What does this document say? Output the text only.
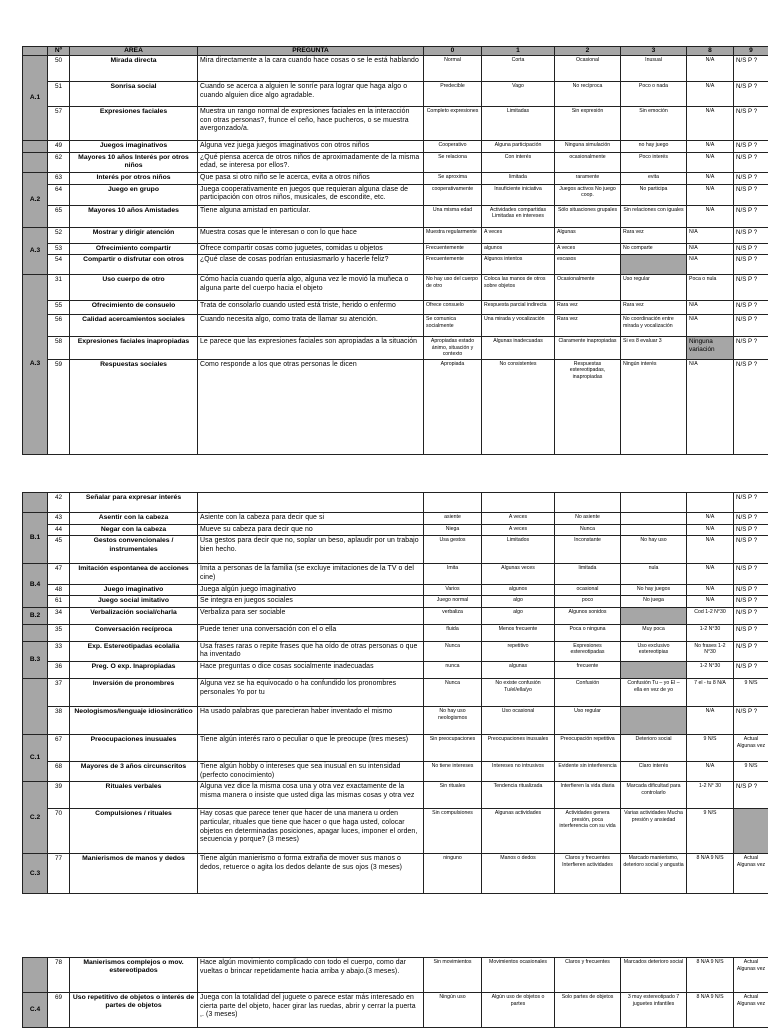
	Nº	AREA	PREGUNTA	0	1	2	3	8	9
A.1	50	Mirada directa	Mira directamente a la cara cuando hace cosas o se le está hablando	Normal	Corta	Ocasional	Inusual	N/A	N/S P ?
	51	Sonrisa social	Cuando se acerca a alguien le sonríe para lograr que haga algo o cuando alguien dice algo agradable.	Predecible	Vago	No recíproca	Poco o nada	N/A	N/S P ?
	57	Expresiones faciales	Muestra un rango normal de expresiones faciales en la interacción con otras personas?, frunce el ceño, hace pucheros, o se muestra avergonzado/a.	Completo expresiones	Limitadas	Sin expresión	Sin emoción	N/A	N/S P ?
	49	Juegos imaginativos	Alguna vez juega juegos imaginativos con otros niños	Cooperativo	Alguna participación	Ninguna simulación	no hay juego	N/A	N/S P ?
	62	Mayores 10 años Interés por otros niños	¿Qué piensa acerca de otros niños de aproximadamente de la misma edad, se interesa por ellos?.	Se relaciona	Con interés	ocasionalmente	Poco interés	N/A	N/S P ?
A.2	63	Interés por otros niños	Que pasa si otro niño se le acerca, evita a otros niños	Se aproxima	limitada	raramente	evita	N/A	N/S P ?
	64	Juego en grupo	Juega cooperativamente en juegos que requieran alguna clase de participación con otros niños, musicales, de escondite, etc.	cooperativamente	Insuficiente iniciativa	Juegos activos No juego coop.	No participa	N/A	N/S P ?
	65	Mayores 10 años Amistades	Tiene alguna amistad en particular.	Una misma edad	Actividades compartidas Limitadas en intereses	Sólo situaciones grupales	Sin relaciones con iguales	N/A	N/S P ?
A.3	52	Mostrar y dirigir atención	Muestra cosas que le interesan o con lo que hace	Muestra regularmente	A veces	Algunas	Rara vez	N/A	N/S P ?
	53	Ofrecimiento compartir	Ofrece compartir cosas como juguetes, comidas u objetos	Frecuentemente	algunos	A veces	No comparte	N/A	N/S P ?
	54	Compartir o disfrutar con otros	¿Qué clase de cosas podrían entusiasmarlo y hacerle feliz?	Frecuentemente	Algunos intentos	escasos		N/A	N/S P ?
A.3	31	Uso cuerpo de otro	Cómo hacía cuando quería algo, alguna vez le movió la muñeca o alguna parte del cuerpo hacia el objeto	No hay uso del cuerpo de otro	Coloca las manos de otros sobre objetos	Ocasionalmente	Uso regular	Poca o nula	N/S P ?
	55	Ofrecimiento de consuelo	Trata de consolarlo cuando usted está triste, herido o enfermo	Ofrece consuelo	Respuesta parcial indirecta	Rara vez	Rara vez	N/A	N/S P ?
	56	Calidad acercamientos sociales	Cuando necesita algo, como trata de llamar su atención.	Se comunica socialmente	Una mirada y vocalización	Rara vez	No coordinación entre mirada y vocalización	N/A	N/S P ?
	58	Expresiones faciales inapropiadas	Le parece que las expresiones faciales son apropiadas a la situación	Apropiadas estado ánimo, situación y contexto	Algunas inadecuadas	Claramente inapropiadas	Si es 8 evaluar 3	Ninguna variación	N/S P ?
	59	Respuestas sociales	Como responde a los que otras personas le dicen	Apropiada	No consistentes	Respuestas estereotipadas, inapropiadas	Ningún interés	N/A	N/S P ?
	42	Señalar para expresar interés							N/S P ?
B.1	43	Asentir con la cabeza	Asiente con la cabeza para decir que si	asiente	A veces	No asiente		N/A	N/S P ?
	44	Negar con la cabeza	Mueve su cabeza para decir que no	Niega	A veces	Nunca		N/A	N/S P ?
	45	Gestos convencionales / instrumentales	Usa gestos para decir que no, soplar un beso, aplaudir por un trabajo bien hecho.	Usa gestos	Limitados	Inconstante	No hay uso	N/A	N/S P ?
B.4	47	Imitación espontanea de acciones	Imita a personas de la familia (se excluye imitaciones de la TV o del cine)	Imita	Algunas veces	limitada	nula	N/A	N/S P ?
	48	Juego imaginativo	Juega algún juego imaginativo	Varios	algunos	ocasional	No hay juegos	N/A	N/S P ?
	61	Juego social imitativo	Se integra en juegos sociales	Juego normal	algo	poco	No juega	N/A	N/S P ?
B.2	34	Verbalización social/charla	Verbaliza para ser sociable	verbaliza	algo	Algunos sonidos		Cod 1-2 N°30	N/S P ?
	35	Conversación recíproca	Puede tener una conversación con el o ella	fluida	Menos frecuente	Poca o ninguna	Muy poca	1-2 N°30	N/S P ?
B.3	33	Exp. Estereotipadas ecolalia	Usa frases raras o repite frases que ha oído de otras personas o que ha inventado	Nunca	repetitivo	Expresiones estereotipadas	Uso exclusivo estereotipias	No frases 1-2 N°30	N/S P ?
	36	Preg. O exp. Inapropiadas	Hace preguntas o dice cosas socialmente inadecuadas	nunca	algunas	frecuente		1-2 N°30	N/S P ?
	37	Inversión de pronombres	Alguna vez se ha equivocado o ha confundido los pronombres personales Yo por tu	Nunca	No existe confusión Tu/el/ella/yo	Confusión	Confusión Tu – yo El – ella en vez de yo	7 el - tu 8 N/A	9 N/S
	38	Neologismos/lenguaje idiosincrático	Ha usado palabras que parecieran haber inventado el mismo	No hay uso neologismos	Uso ocasional	Uso regular		N/A	N/S P ?
C.1	67	Preocupaciones inusuales	Tiene algún interés raro o peculiar o que le preocupe (tres meses)	Sin preocupaciones	Preocupaciones inusuales	Preocupación repetitiva	Deterioro social	9 N/S	Actual Algunas vez
	68	Mayores de 3 años circunscritos	Tiene algún hobby o intereses que sea inusual en su intensidad (perfecto conocimiento)	No tiene intereses	Intereses no intrusivos	Evidente sin interferencia	Claro interés	N/A	9 N/S
C.2	39	Rituales verbales	Alguna vez dice la misma cosa una y otra vez exactamente de la misma manera o insiste que usted diga las mismas cosas y otra vez	Sin rituales	Tendencia ritualizada	Interfieren la vida diaria	Marcada dificultad para controlarlo	1-2 N° 30	N/S P ?
	70	Compulsiones / rituales	Hay cosas que parece tener que hacer de una manera u orden particular, rituales que tiene que hacer o que haga usted, colocar objetos en determinadas posiciones, apagar luces, imponer el orden, secuencia y porque? (3 meses)	Sin compulsiones	Algunas actividades	Actividades genera presión, poca interferencia con su vida	Varias actividades Mucha presión y ansiedad	9 N/S	
C.3	77	Manierismos de manos y dedos	Tiene algún manierismo o forma extraña de mover sus manos o dedos, retuerce o agita los dedos delante de sus ojos (3 meses)	ninguno	Manos o dedos	Claros y frecuentes Interfieren actividades	Marcado manierismo, deterioro social y angustia	8 N/A 9 N/S	Actual Algunas vez
	78	Manierismos complejos o mov. estereotipados	Hace algún movimiento complicado con todo el cuerpo, como dar vueltas o brincar repetidamente hacia arriba y abajo.(3 meses).	Sin movimientos	Movimientos ocasionales	Claros y frecuentes	Marcados deterioro social	8 N/A 9 N/S	Actual Algunas vez
C.4	69	Uso repetitivo de objetos o interés de partes de objetos	Juega con la totalidad del juguete o parece estar más interesado en cierta parte del objeto, hacer girar las ruedas, abrir y cerrar la puerta ,. (3 meses)	Ningún uso	Algún uso de objetos o partes	Solo partes de objetos	3 muy estereotipado 7 juguetes infantiles	8 N/A 9 N/S	Actual Algunas vez
